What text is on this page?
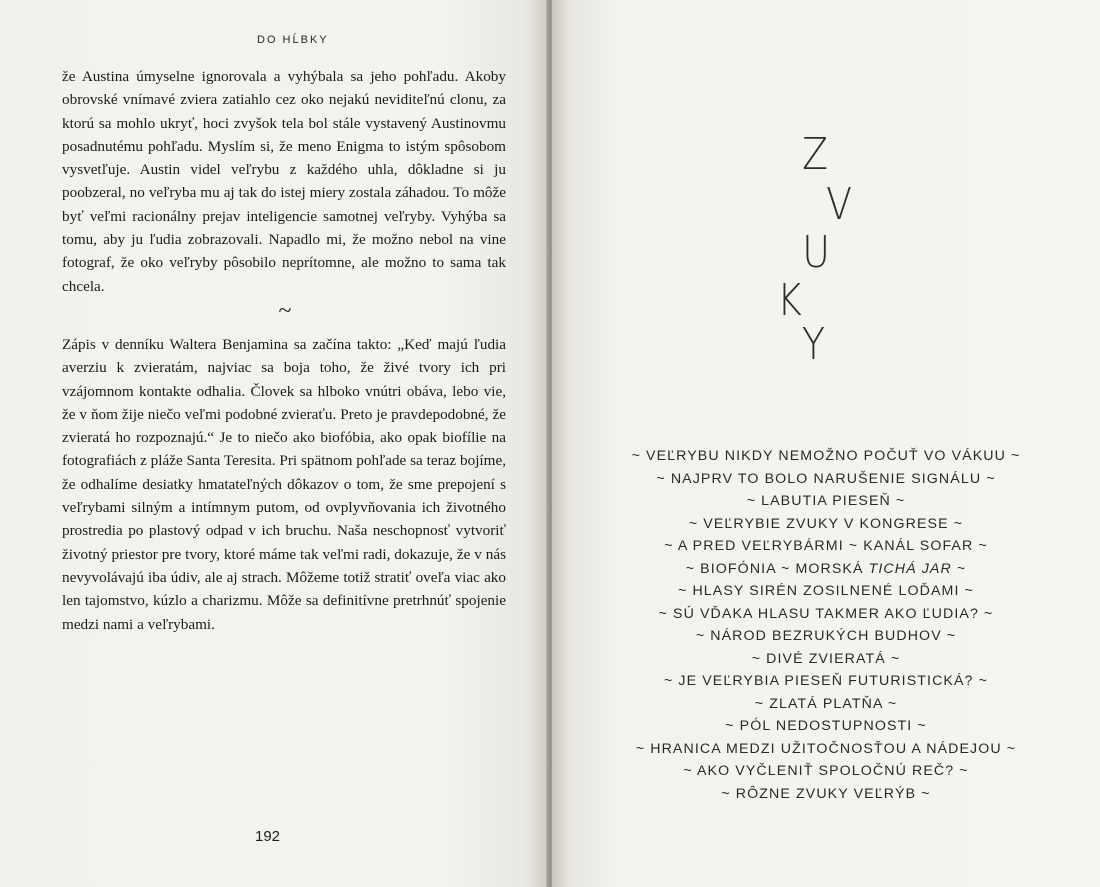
DO HĹBKY

že Austina úmyselne ignorovala a vyhýbala sa jeho pohľadu. Akoby obrovské vnímavé zviera zatiahlo cez oko nejakú neviditeľnú clonu, za ktorú sa mohlo ukryť, hoci zvyšok tela bol stále vystavený Austinovmu posadnutému pohľadu. Myslím si, že meno Enigma to istým spôsobom vysvetľuje. Austin videl veľrybu z každého uhla, dôkladne si ju poobzeral, no veľryba mu aj tak do istej miery zostala záhadou. To môže byť veľmi racionálny prejav inteligencie samotnej veľryby. Vyhýba sa tomu, aby ju ľudia zobrazovali. Napadlo mi, že možno nebol na vine fotograf, že oko veľryby pôsobilo neprítomne, ale možno to sama tak chcela.

~

Zápis v denníku Waltera Benjamina sa začína takto: „Keď majú ľudia averziu k zvieratám, najviac sa boja toho, že živé tvory ich pri vzájomnom kontakte odhalia. Človek sa hlboko vnútri obáva, lebo vie, že v ňom žije niečo veľmi podobné zvieraťu. Preto je pravdepodobné, že zvieratá ho rozpoznajú.“ Je to niečo ako biofóbia, ako opak biofílie na fotografiách z pláže Santa Teresita. Pri spätnom pohľade sa teraz bojíme, že odhalíme desiatky hmatateľných dôkazov o tom, že sme prepojení s veľrybami silným a intímnym putom, od ovplyvňovania ich životného prostredia po plastový odpad v ich bruchu. Naša neschopnosť vytvoriť životný priestor pre tvory, ktoré máme tak veľmi radi, dokazuje, že v nás nevyvolávajú iba údiv, ale aj strach. Môžeme totiž stratiť oveľa viac ako len tajomstvo, kúzlo a charizmu. Môže sa definitívne pretrhnúť spojenie medzi nami a veľrybami.

192
Z
V
U
K
Y
~ VEĽRYBU NIKDY NEMOŽNO POČUŤ VO VÁKUU ~
~ NAJPRV TO BOLO NARUŠENIE SIGNÁLU ~
~ LABUTIA PIESEŇ ~
~ VEĽRYBIE ZVUKY V KONGRESE ~
~ A PRED VEĽRYBÁRMI ~ KANÁL SOFAR ~
~ BIOFÓNIA ~ MORSKÁ TICHÁ JAR ~
~ HLASY SIRÉN ZOSILNENÉ LOĎAMI ~
~ SÚ VĎAKA HLASU TAKMER AKO ĽUDIA? ~
~ NÁROD BEZRUKÝCH BUDHOV ~
~ DIVÉ ZVIERATÁ ~
~ JE VEĽRYBIA PIESEŇ FUTURISTICKÁ? ~
~ ZLATÁ PLATŇA ~
~ PÓL NEDOSTUPNOSTI ~
~ HRANICA MEDZI UŽITOČNOSŤOU A NÁDEJOU ~
~ AKO VYČLENIŤ SPOLOČNÚ REČ? ~
~ RÔZNE ZVUKY VEĽRÝB ~
